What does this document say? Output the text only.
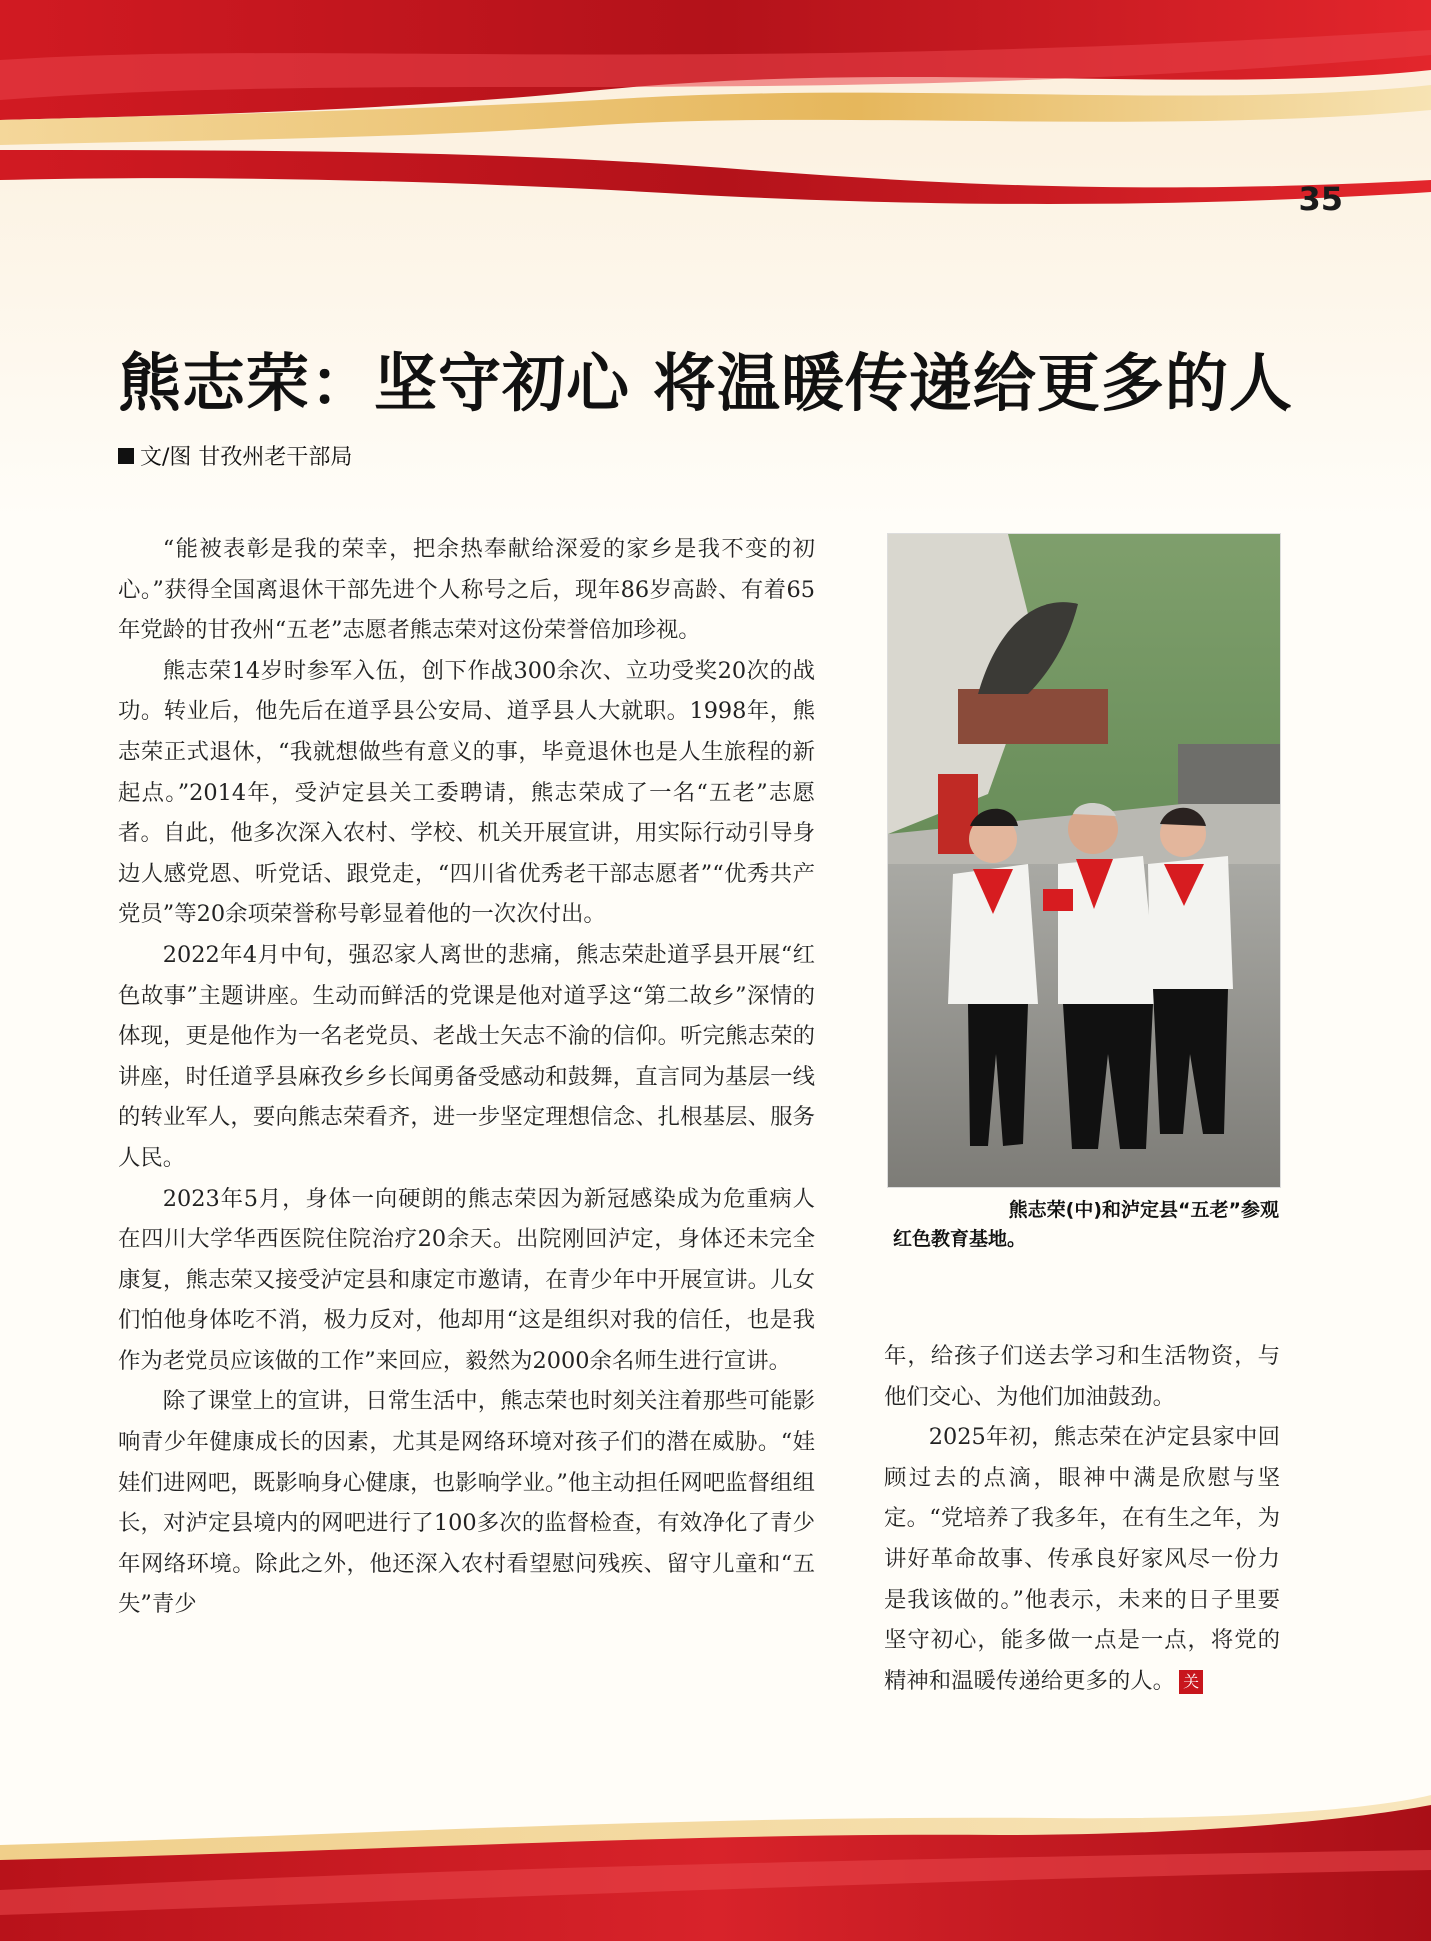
35
熊志荣：坚守初心 将温暖传递给更多的人
文/图 甘孜州老干部局

“能被表彰是我的荣幸，把余热奉献给深爱的家乡是我不变的初心。”获得全国离退休干部先进个人称号之后，现年86岁高龄、有着65年党龄的甘孜州“五老”志愿者熊志荣对这份荣誉倍加珍视。

熊志荣14岁时参军入伍，创下作战300余次、立功受奖20次的战功。转业后，他先后在道孚县公安局、道孚县人大就职。1998年，熊志荣正式退休，“我就想做些有意义的事，毕竟退休也是人生旅程的新起点。”2014年，受泸定县关工委聘请，熊志荣成了一名“五老”志愿者。自此，他多次深入农村、学校、机关开展宣讲，用实际行动引导身边人感党恩、听党话、跟党走，“四川省优秀老干部志愿者”“优秀共产党员”等20余项荣誉称号彰显着他的一次次付出。

2022年4月中旬，强忍家人离世的悲痛，熊志荣赴道孚县开展“红色故事”主题讲座。生动而鲜活的党课是他对道孚这“第二故乡”深情的体现，更是他作为一名老党员、老战士矢志不渝的信仰。听完熊志荣的讲座，时任道孚县麻孜乡乡长闻勇备受感动和鼓舞，直言同为基层一线的转业军人，要向熊志荣看齐，进一步坚定理想信念、扎根基层、服务人民。

2023年5月，身体一向硬朗的熊志荣因为新冠感染成为危重病人在四川大学华西医院住院治疗20余天。出院刚回泸定，身体还未完全康复，熊志荣又接受泸定县和康定市邀请，在青少年中开展宣讲。儿女们怕他身体吃不消，极力反对，他却用“这是组织对我的信任，也是我作为老党员应该做的工作”来回应，毅然为2000余名师生进行宣讲。

除了课堂上的宣讲，日常生活中，熊志荣也时刻关注着那些可能影响青少年健康成长的因素，尤其是网络环境对孩子们的潜在威胁。“娃娃们进网吧，既影响身心健康，也影响学业。”他主动担任网吧监督组组长，对泸定县境内的网吧进行了100多次的监督检查，有效净化了青少年网络环境。除此之外，他还深入农村看望慰问残疾、留守儿童和“五失”青少

熊志荣(中)和泸定县“五老”参观
红色教育基地。

年，给孩子们送去学习和生活物资，与他们交心、为他们加油鼓劲。

2025年初，熊志荣在泸定县家中回顾过去的点滴，眼神中满是欣慰与坚定。“党培养了我多年，在有生之年，为讲好革命故事、传承良好家风尽一份力是我该做的。”他表示，未来的日子里要坚守初心，能多做一点是一点，将党的精神和温暖传递给更多的人。 关
